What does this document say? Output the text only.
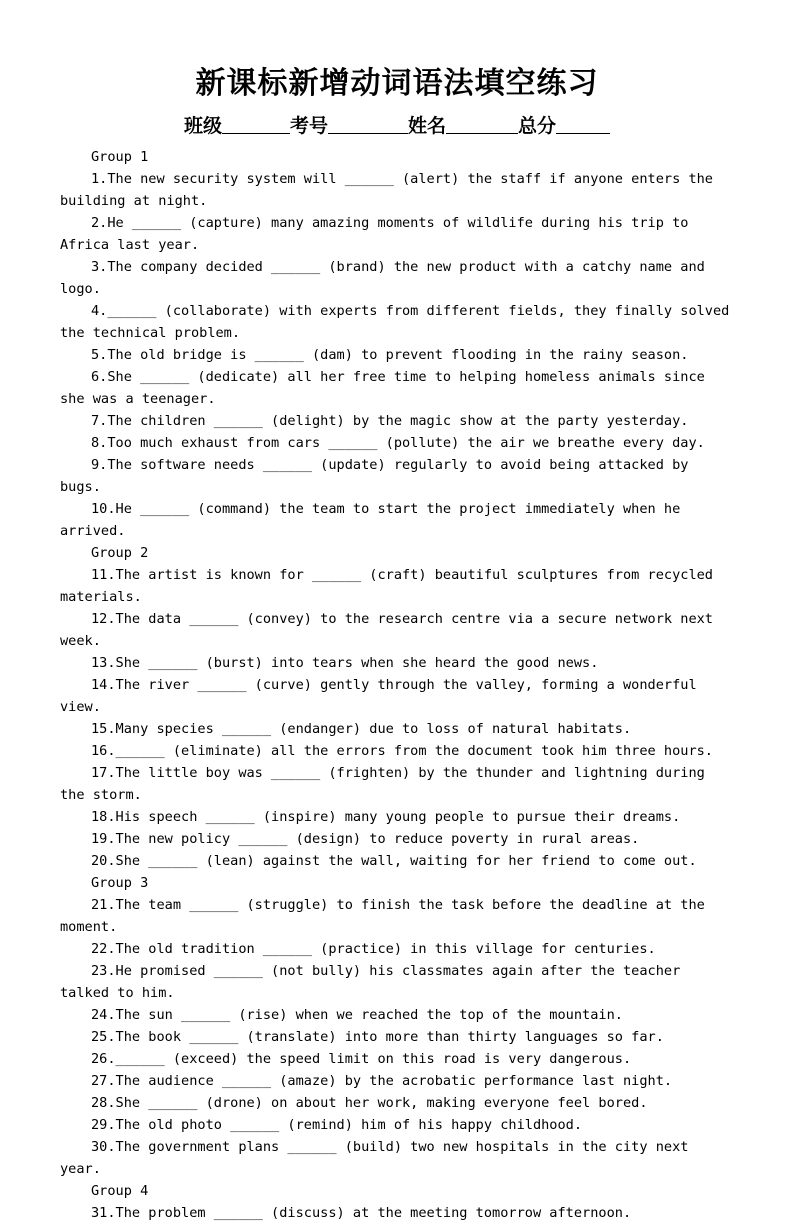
新课标新增动词语法填空练习
班级	考号	姓名	总分

Group 1

1.The new security system will ______ (alert) the staff if anyone enters the building at night.

2.He ______ (capture) many amazing moments of wildlife during his trip to Africa last year.

3.The company decided ______ (brand) the new product with a catchy name and logo.

4.______ (collaborate) with experts from different fields, they finally solved the technical problem.

5.The old bridge is ______ (dam) to prevent flooding in the rainy season.

6.She ______ (dedicate) all her free time to helping homeless animals since she was a teenager.

7.The children ______ (delight) by the magic show at the party yesterday.

8.Too much exhaust from cars ______ (pollute) the air we breathe every day.

9.The software needs ______ (update) regularly to avoid being attacked by bugs.

10.He ______ (command) the team to start the project immediately when he arrived.

Group 2

11.The artist is known for ______ (craft) beautiful sculptures from recycled materials.

12.The data ______ (convey) to the research centre via a secure network next week.

13.She ______ (burst) into tears when she heard the good news.

14.The river ______ (curve) gently through the valley, forming a wonderful view.

15.Many species ______ (endanger) due to loss of natural habitats.

16.______ (eliminate) all the errors from the document took him three hours.

17.The little boy was ______ (frighten) by the thunder and lightning during the storm.

18.His speech ______ (inspire) many young people to pursue their dreams.

19.The new policy ______ (design) to reduce poverty in rural areas.

20.She ______ (lean) against the wall, waiting for her friend to come out.

Group 3

21.The team ______ (struggle) to finish the task before the deadline at the moment.

22.The old tradition ______ (practice) in this village for centuries.

23.He promised ______ (not bully) his classmates again after the teacher talked to him.

24.The sun ______ (rise) when we reached the top of the mountain.

25.The book ______ (translate) into more than thirty languages so far.

26.______ (exceed) the speed limit on this road is very dangerous.

27.The audience ______ (amaze) by the acrobatic performance last night.

28.She ______ (drone) on about her work, making everyone feel bored.

29.The old photo ______ (remind) him of his happy childhood.

30.The government plans ______ (build) two new hospitals in the city next year.

Group 4

31.The problem ______ (discuss) at the meeting tomorrow afternoon.
